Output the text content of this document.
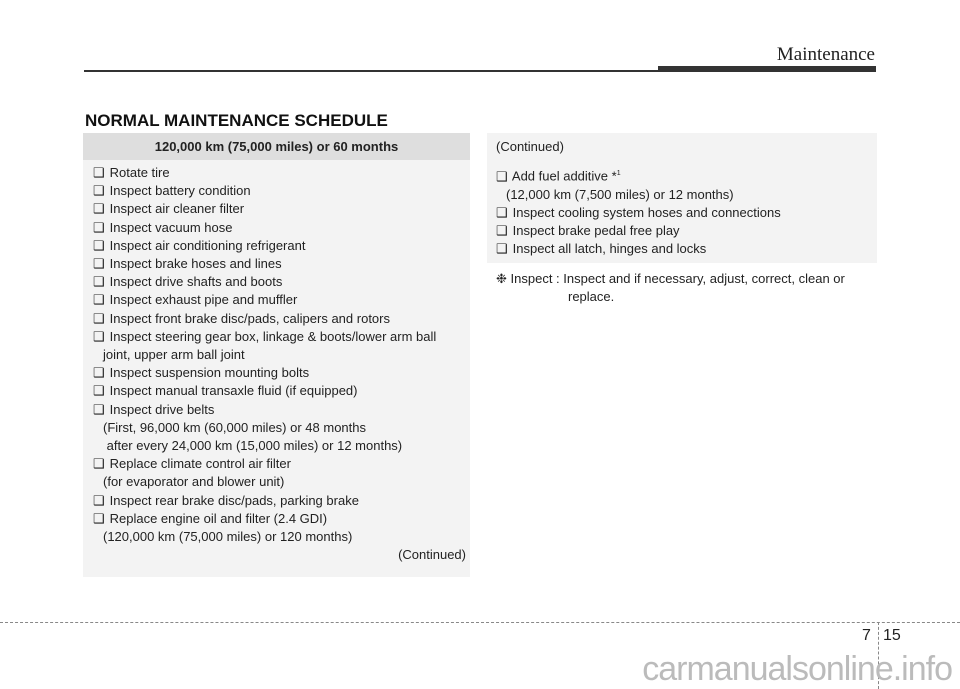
Maintenance
NORMAL MAINTENANCE SCHEDULE
120,000 km (75,000 miles) or 60 months
❑ Rotate tire
❑ Inspect battery condition
❑ Inspect air cleaner filter
❑ Inspect vacuum hose
❑ Inspect air conditioning refrigerant
❑ Inspect brake hoses and lines
❑ Inspect drive shafts and boots
❑ Inspect exhaust pipe and muffler
❑ Inspect front brake disc/pads, calipers and rotors
❑ Inspect steering gear box, linkage & boots/lower arm ball
joint, upper arm ball joint
❑ Inspect suspension mounting bolts
❑ Inspect manual transaxle fluid (if equipped)
❑ Inspect drive belts
(First, 96,000 km (60,000 miles) or 48 months
after every 24,000 km (15,000 miles) or 12 months)
❑ Replace climate control air filter
(for evaporator and blower unit)
❑ Inspect rear brake disc/pads, parking brake
❑ Replace engine oil and filter (2.4 GDI)
(120,000 km (75,000 miles) or 120 months)
(Continued)
(Continued)
❑ Add fuel additive *$^1$
(12,000 km (7,500 miles) or 12 months)
❑ Inspect cooling system hoses and connections
❑ Inspect brake pedal free play
❑ Inspect all latch, hinges and locks
❉ Inspect : Inspect and if necessary, adjust, correct, clean or
replace.
7 15
carmanualsonline.info
